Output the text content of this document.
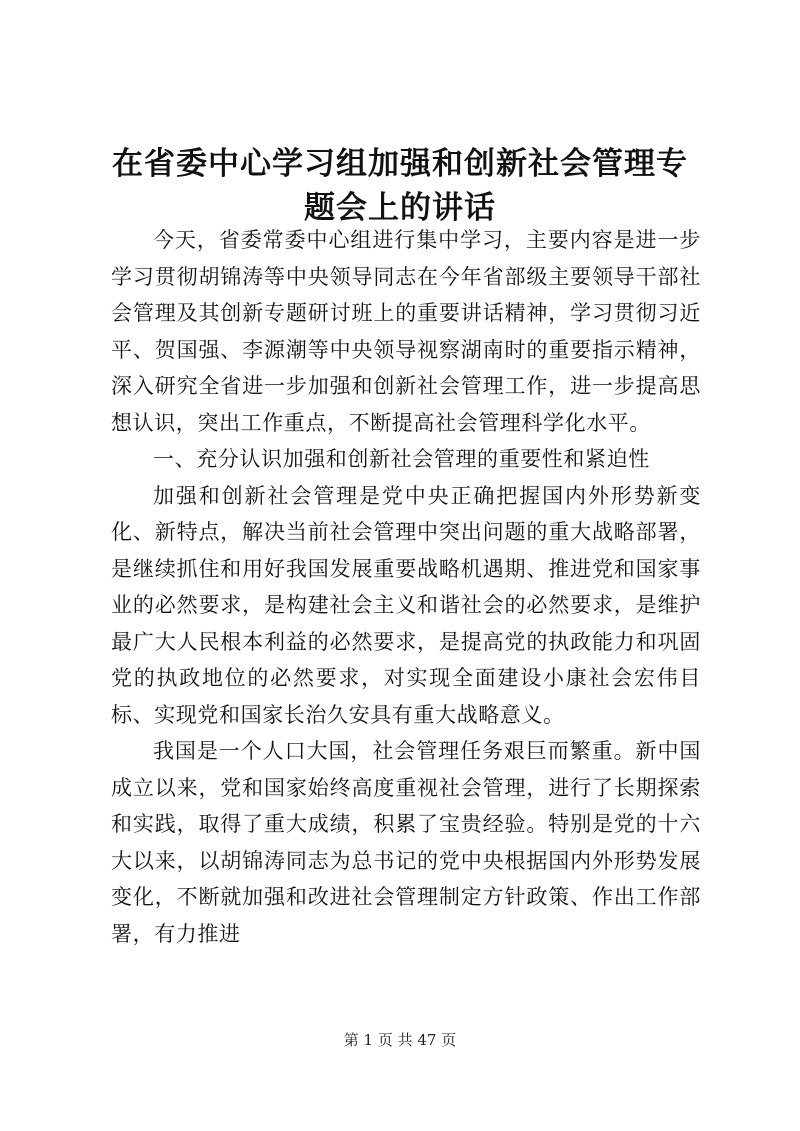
在省委中心学习组加强和创新社会管理专题会上的讲话

今天，省委常委中心组进行集中学习，主要内容是进一步学习贯彻胡锦涛等中央领导同志在今年省部级主要领导干部社会管理及其创新专题研讨班上的重要讲话精神，学习贯彻习近平、贺国强、李源潮等中央领导视察湖南时的重要指示精神，深入研究全省进一步加强和创新社会管理工作，进一步提高思想认识，突出工作重点，不断提高社会管理科学化水平。

一、充分认识加强和创新社会管理的重要性和紧迫性

加强和创新社会管理是党中央正确把握国内外形势新变化、新特点，解决当前社会管理中突出问题的重大战略部署，是继续抓住和用好我国发展重要战略机遇期、推进党和国家事业的必然要求，是构建社会主义和谐社会的必然要求，是维护最广大人民根本利益的必然要求，是提高党的执政能力和巩固党的执政地位的必然要求，对实现全面建设小康社会宏伟目标、实现党和国家长治久安具有重大战略意义。

我国是一个人口大国，社会管理任务艰巨而繁重。新中国成立以来，党和国家始终高度重视社会管理，进行了长期探索和实践，取得了重大成绩，积累了宝贵经验。特别是党的十六大以来，以胡锦涛同志为总书记的党中央根据国内外形势发展变化，不断就加强和改进社会管理制定方针政策、作出工作部署，有力推进

第 1 页 共 47 页
